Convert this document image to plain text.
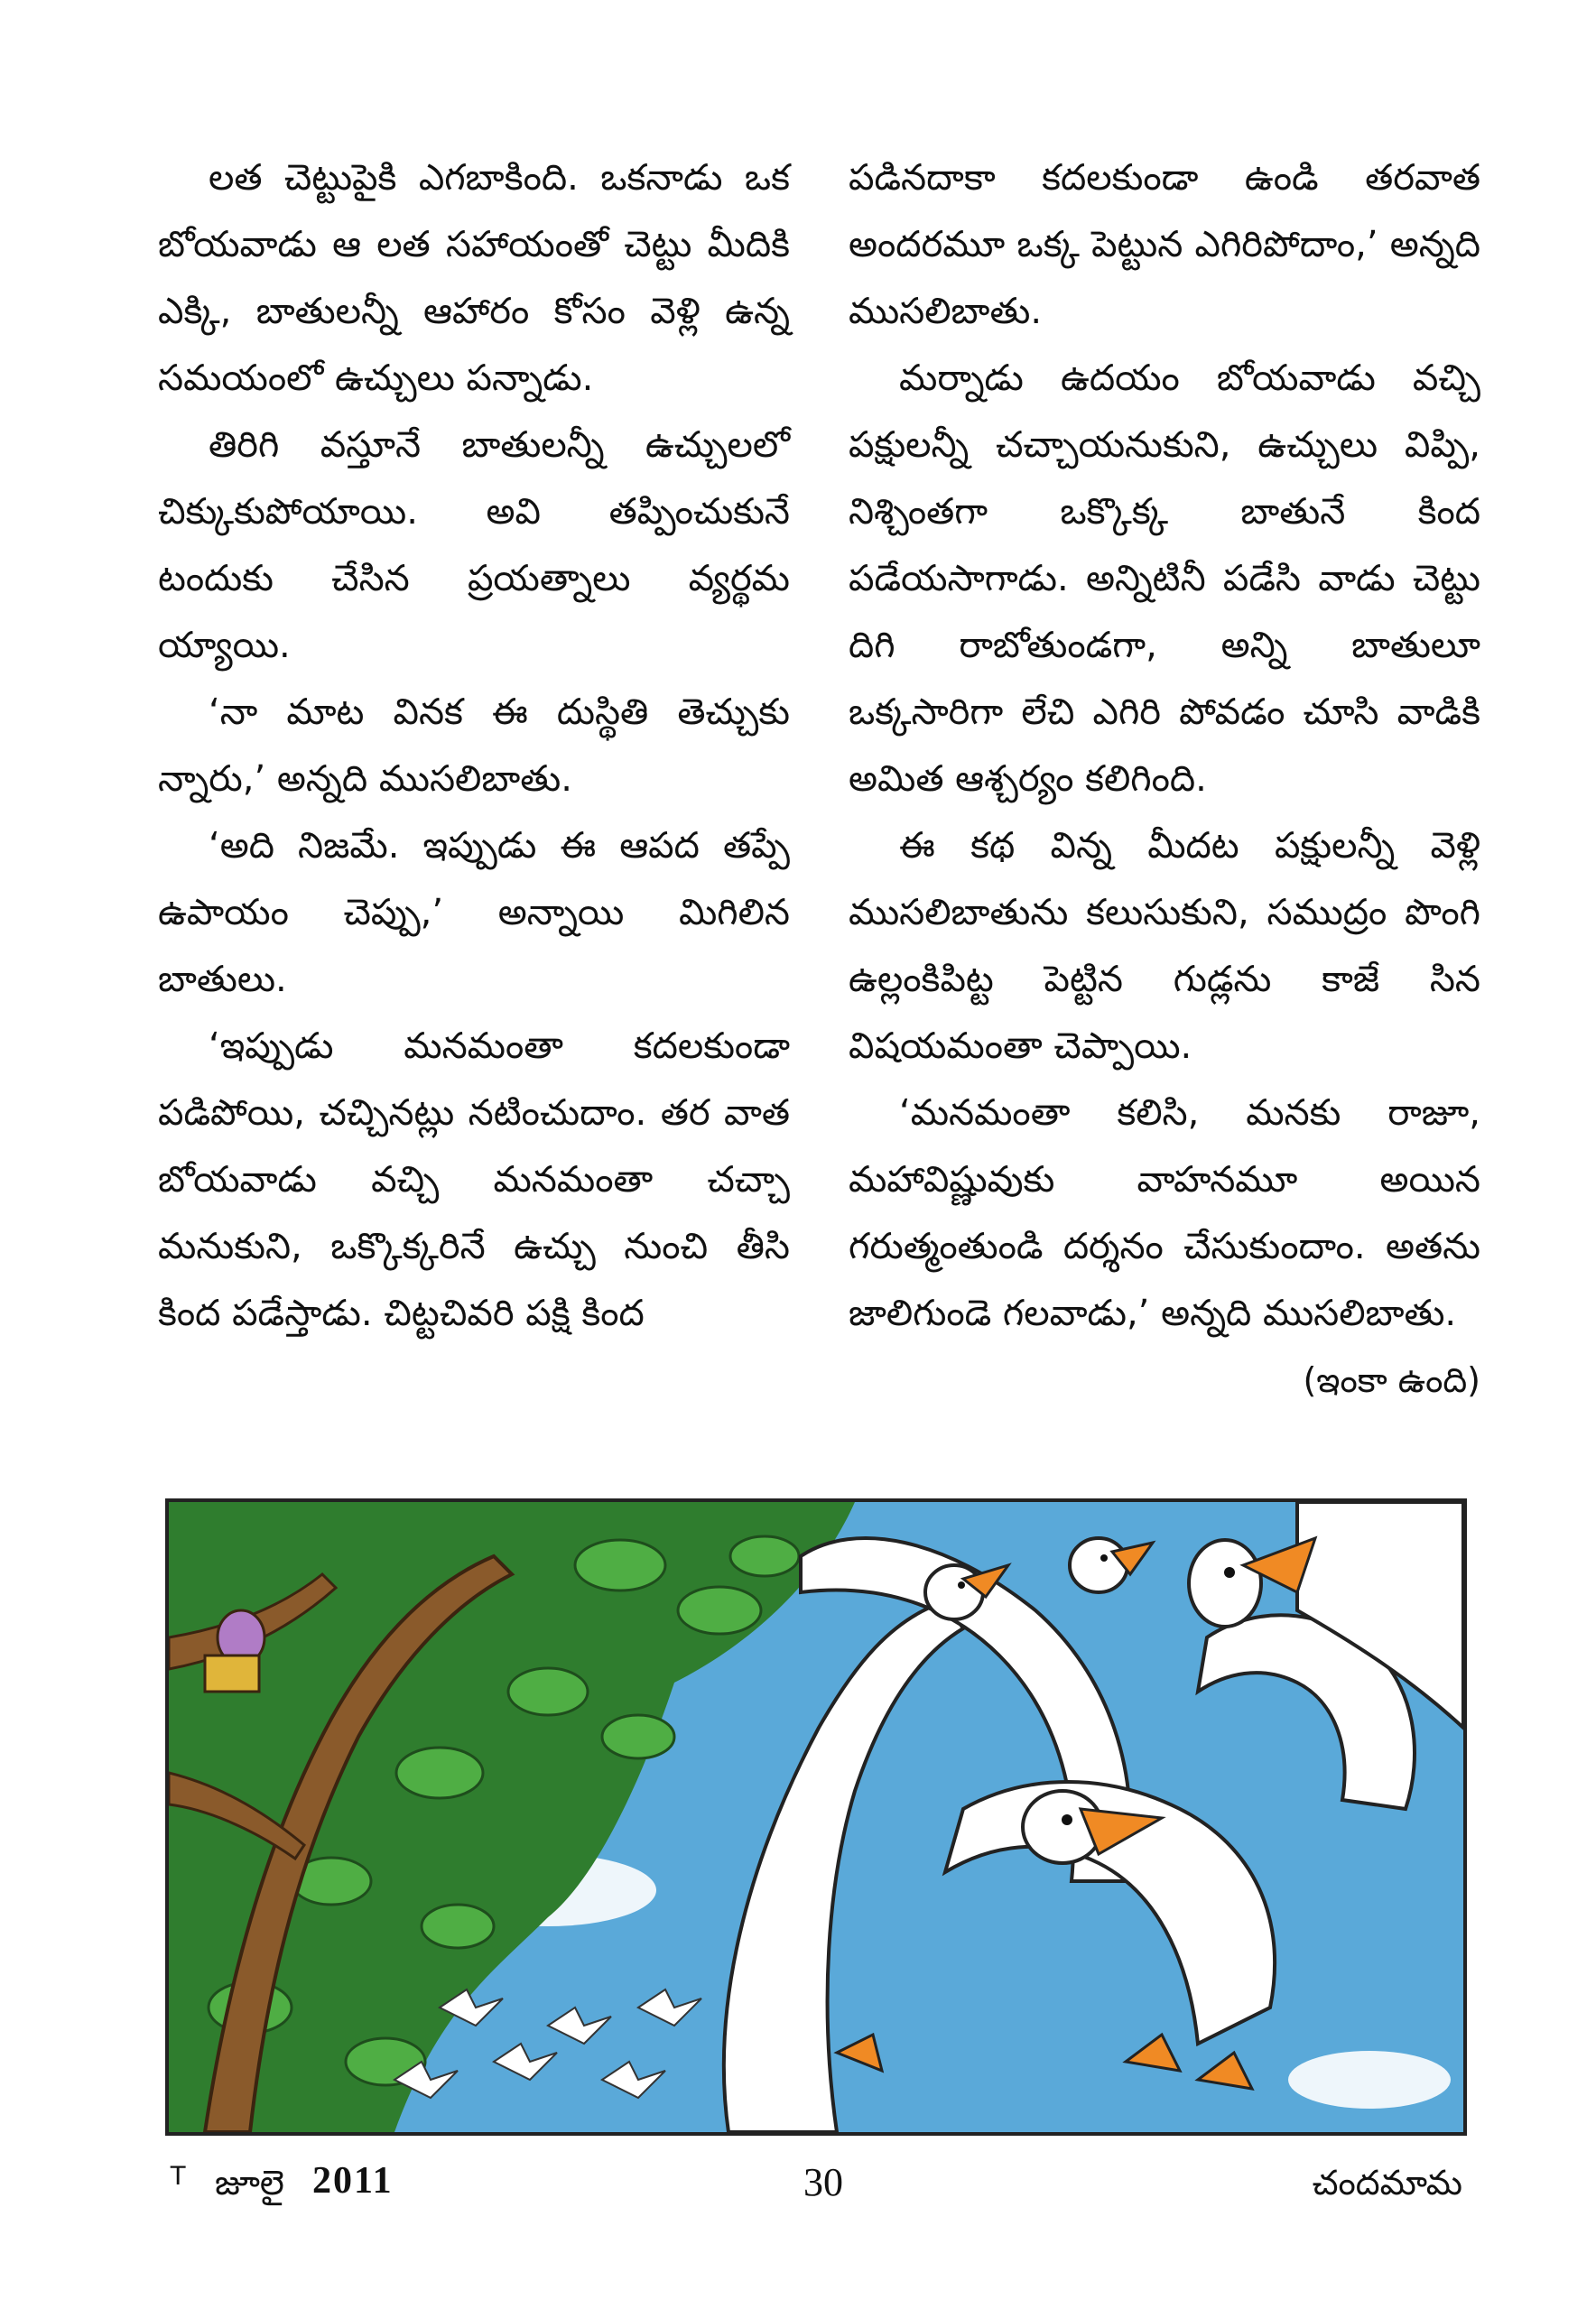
లత చెట్టుపైకి ఎగబాకింది. ఒకనాడు ఒక బోయవాడు ఆ లత సహాయంతో చెట్టు మీదికి ఎక్కి, బాతులన్నీ ఆహారం కోసం వెళ్లి ఉన్న సమయంలో ఉచ్చులు పన్నాడు.

తిరిగి వస్తూనే బాతులన్నీ ఉచ్చులలో చిక్కుకుపోయాయి. అవి తప్పించుకునే టందుకు చేసిన ప్రయత్నాలు వ్యర్థమ య్యాయి.

‘నా మాట వినక ఈ దుస్థితి తెచ్చుకు న్నారు,’ అన్నది ముసలిబాతు.

‘అది నిజమే. ఇప్పుడు ఈ ఆపద తప్పే ఉపాయం చెప్పు,’ అన్నాయి మిగిలిన బాతులు.

‘ఇప్పుడు మనమంతా కదలకుండా పడిపోయి, చచ్చినట్లు నటించుదాం. తర వాత బోయవాడు వచ్చి మనమంతా చచ్చా మనుకుని, ఒక్కొక్కరినే ఉచ్చు నుంచి తీసి కింద పడేస్తాడు. చిట్టచివరి పక్షి కింద

పడినదాకా కదలకుండా ఉండి తరవాత అందరమూ ఒక్క పెట్టున ఎగిరిపోదాం,’ అన్నది ముసలిబాతు.

మర్నాడు ఉదయం బోయవాడు వచ్చి పక్షులన్నీ చచ్చాయనుకుని, ఉచ్చులు విప్పి, నిశ్చింతగా ఒక్కొక్క బాతునే కింద పడేయసాగాడు. అన్నిటినీ పడేసి వాడు చెట్టు దిగి రాబోతుండగా, అన్ని బాతులూ ఒక్కసారిగా లేచి ఎగిరి పోవడం చూసి వాడికి అమిత ఆశ్చర్యం కలిగింది.

ఈ కథ విన్న మీదట పక్షులన్నీ వెళ్లి ముసలిబాతును కలుసుకుని, సముద్రం పొంగి ఉల్లంకిపిట్ట పెట్టిన గుడ్లను కాజే సిన విషయమంతా చెప్పాయి.

‘మనమంతా కలిసి, మనకు రాజూ, మహావిష్ణువుకు వాహనమూ అయిన గరుత్మంతుండి దర్శనం చేసుకుందాం. అతను జాలిగుండె గలవాడు,’ అన్నది ముసలిబాతు.
(ఇంకా ఉంది)

T జూలై 2011	30	చందమామ
